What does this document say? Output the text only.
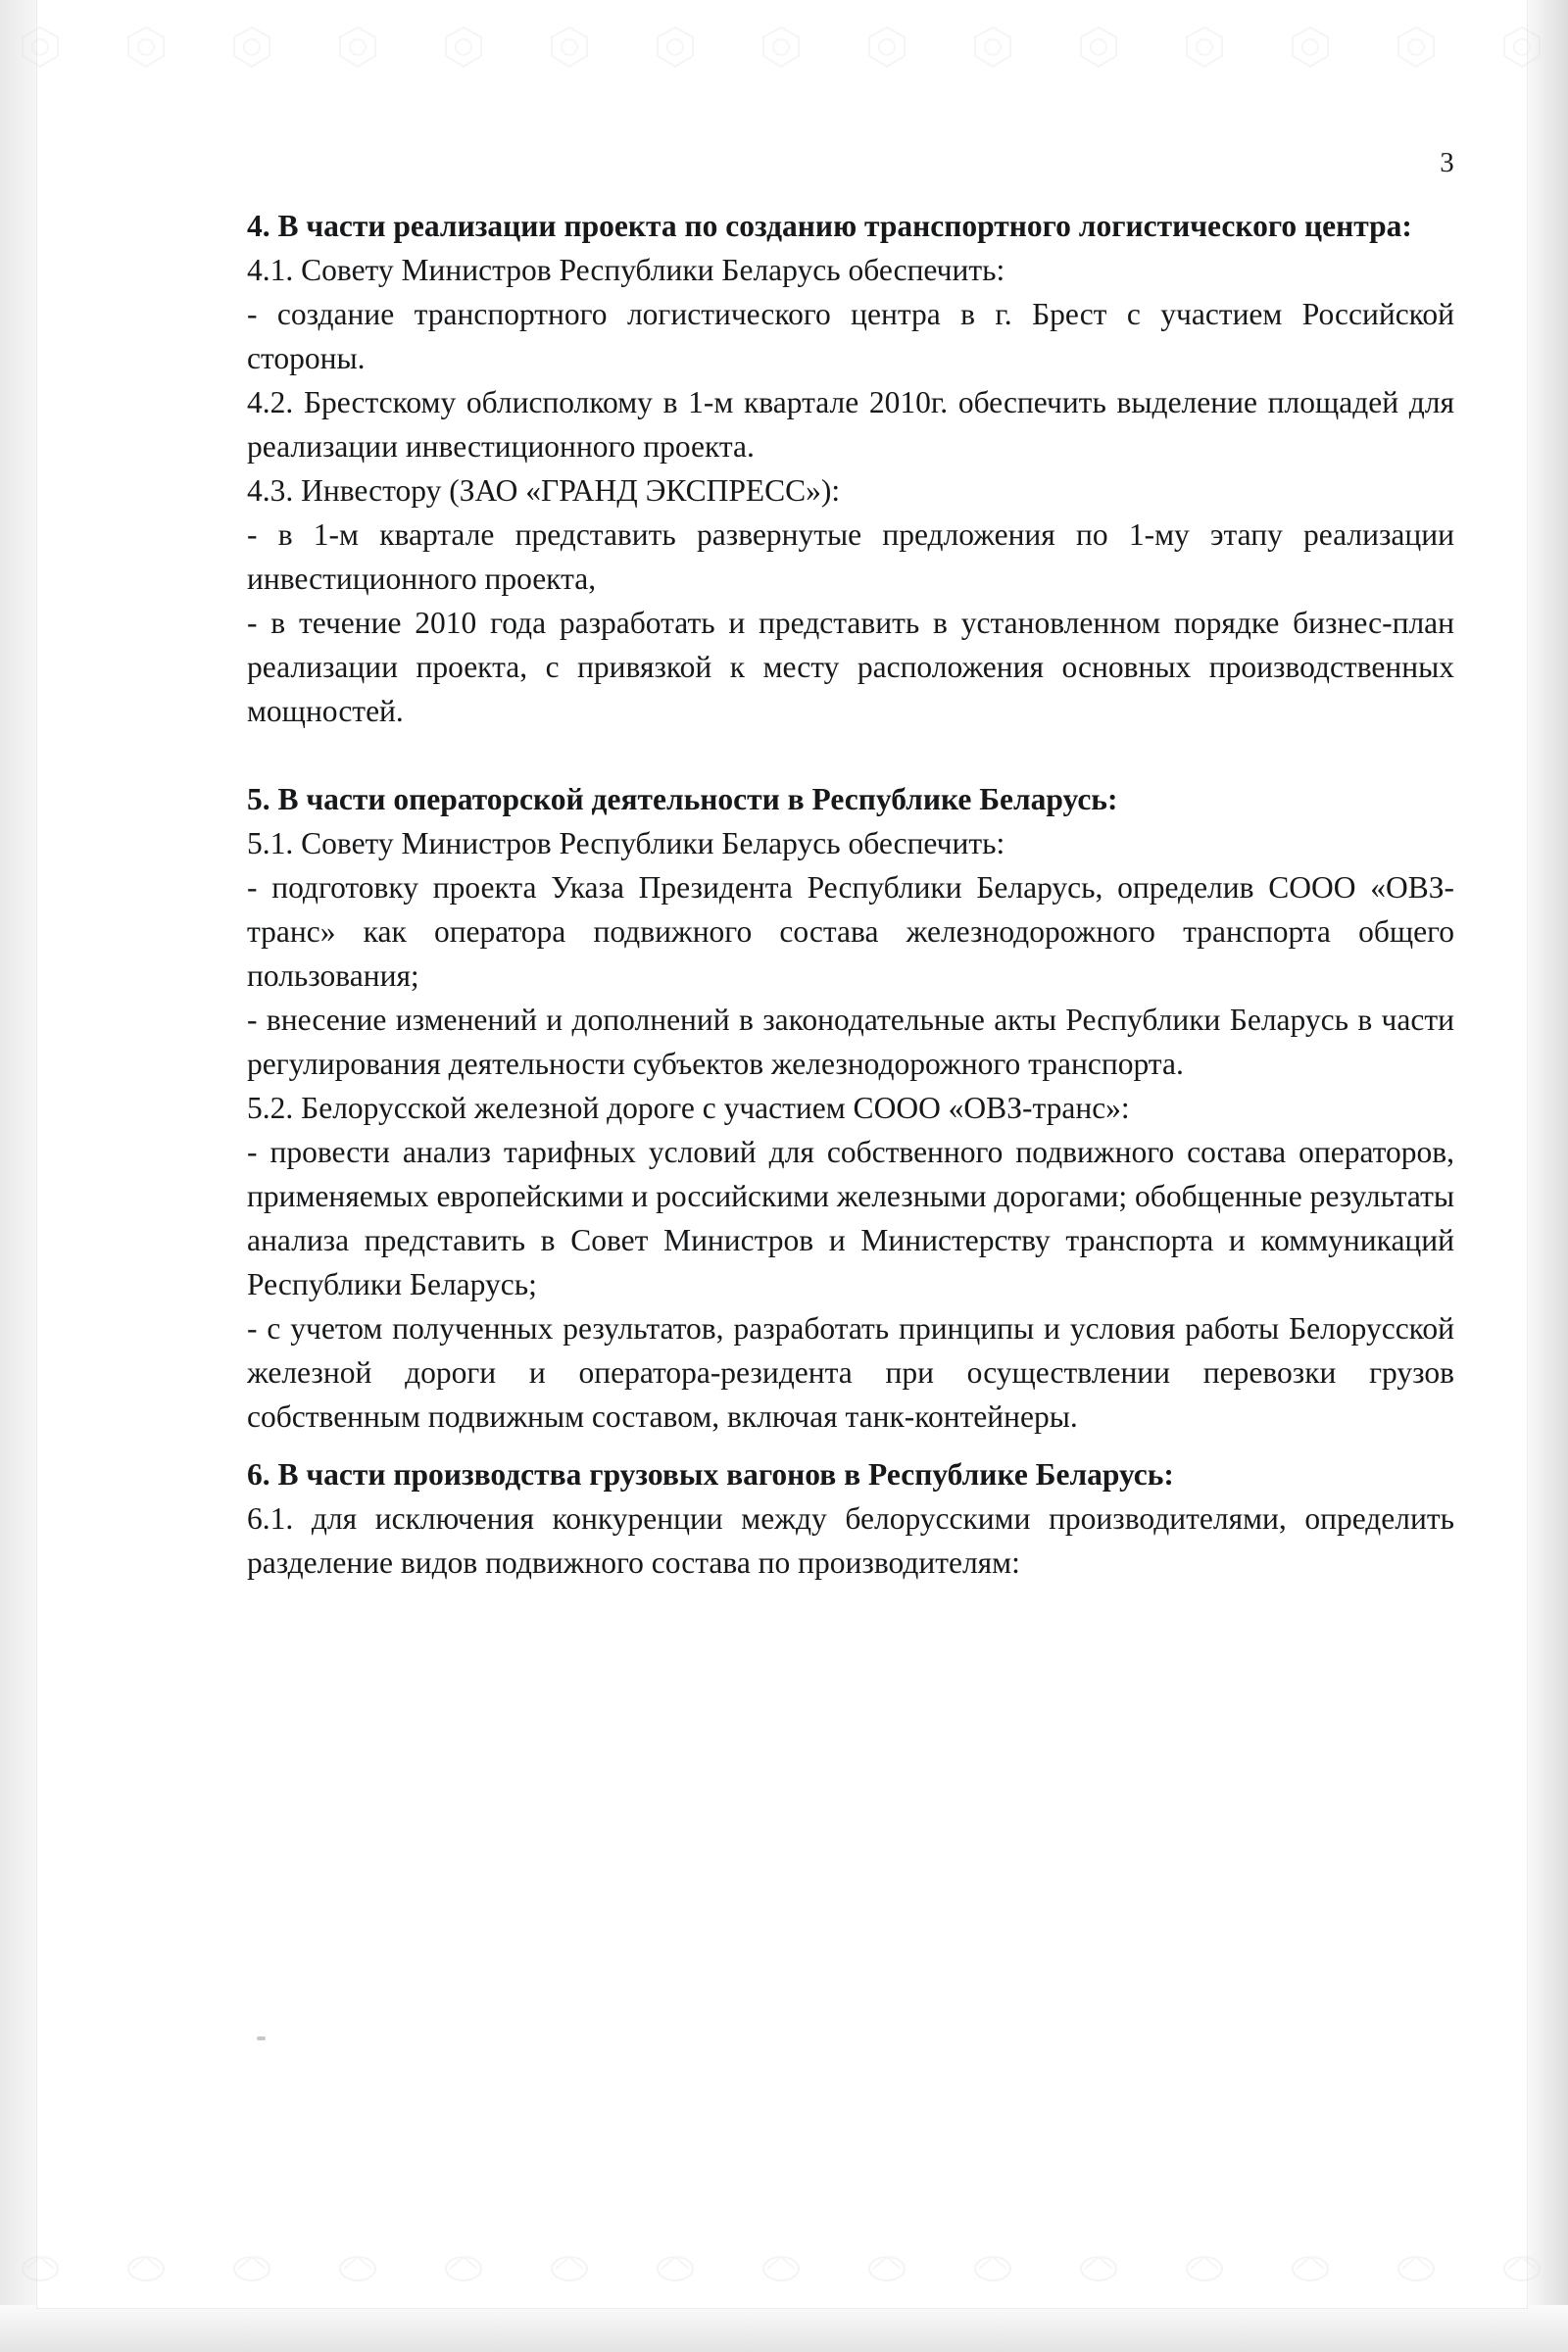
3

4. В части реализации проекта по созданию транспортного логистического центра:

4.1. Совету Министров Республики Беларусь обеспечить:

- создание транспортного логистического центра в г. Брест с участием Российской стороны.

4.2. Брестскому облисполкому в 1-м квартале 2010г. обеспечить выделение площадей для реализации инвестиционного проекта.

4.3. Инвестору (ЗАО «ГРАНД ЭКСПРЕСС»):

- в 1-м квартале представить развернутые предложения по 1-му этапу реализации инвестиционного проекта,

- в течение 2010 года разработать и представить в установленном порядке бизнес-план реализации проекта, с привязкой к месту расположения основных производственных мощностей.

5. В части операторской деятельности в Республике Беларусь:

5.1. Совету Министров Республики Беларусь обеспечить:

- подготовку проекта Указа Президента Республики Беларусь, определив СООО «ОВЗ-транс» как оператора подвижного состава железнодорожного транспорта общего пользования;

- внесение изменений и дополнений в законодательные акты Республики Беларусь в части регулирования деятельности субъектов железнодорожного транспорта.

5.2. Белорусской железной дороге с участием СООО «ОВЗ-транс»:

- провести анализ тарифных условий для собственного подвижного состава операторов, применяемых европейскими и российскими железными дорогами; обобщенные результаты анализа представить в Совет Министров и Министерству транспорта и коммуникаций Республики Беларусь;

- с учетом полученных результатов, разработать принципы и условия работы Белорусской железной дороги и оператора-резидента при осуществлении перевозки грузов собственным подвижным составом, включая танк-контейнеры.

6. В части производства грузовых вагонов в Республике Беларусь:

6.1. для исключения конкуренции между белорусскими производителями, определить разделение видов подвижного состава по производителям:
